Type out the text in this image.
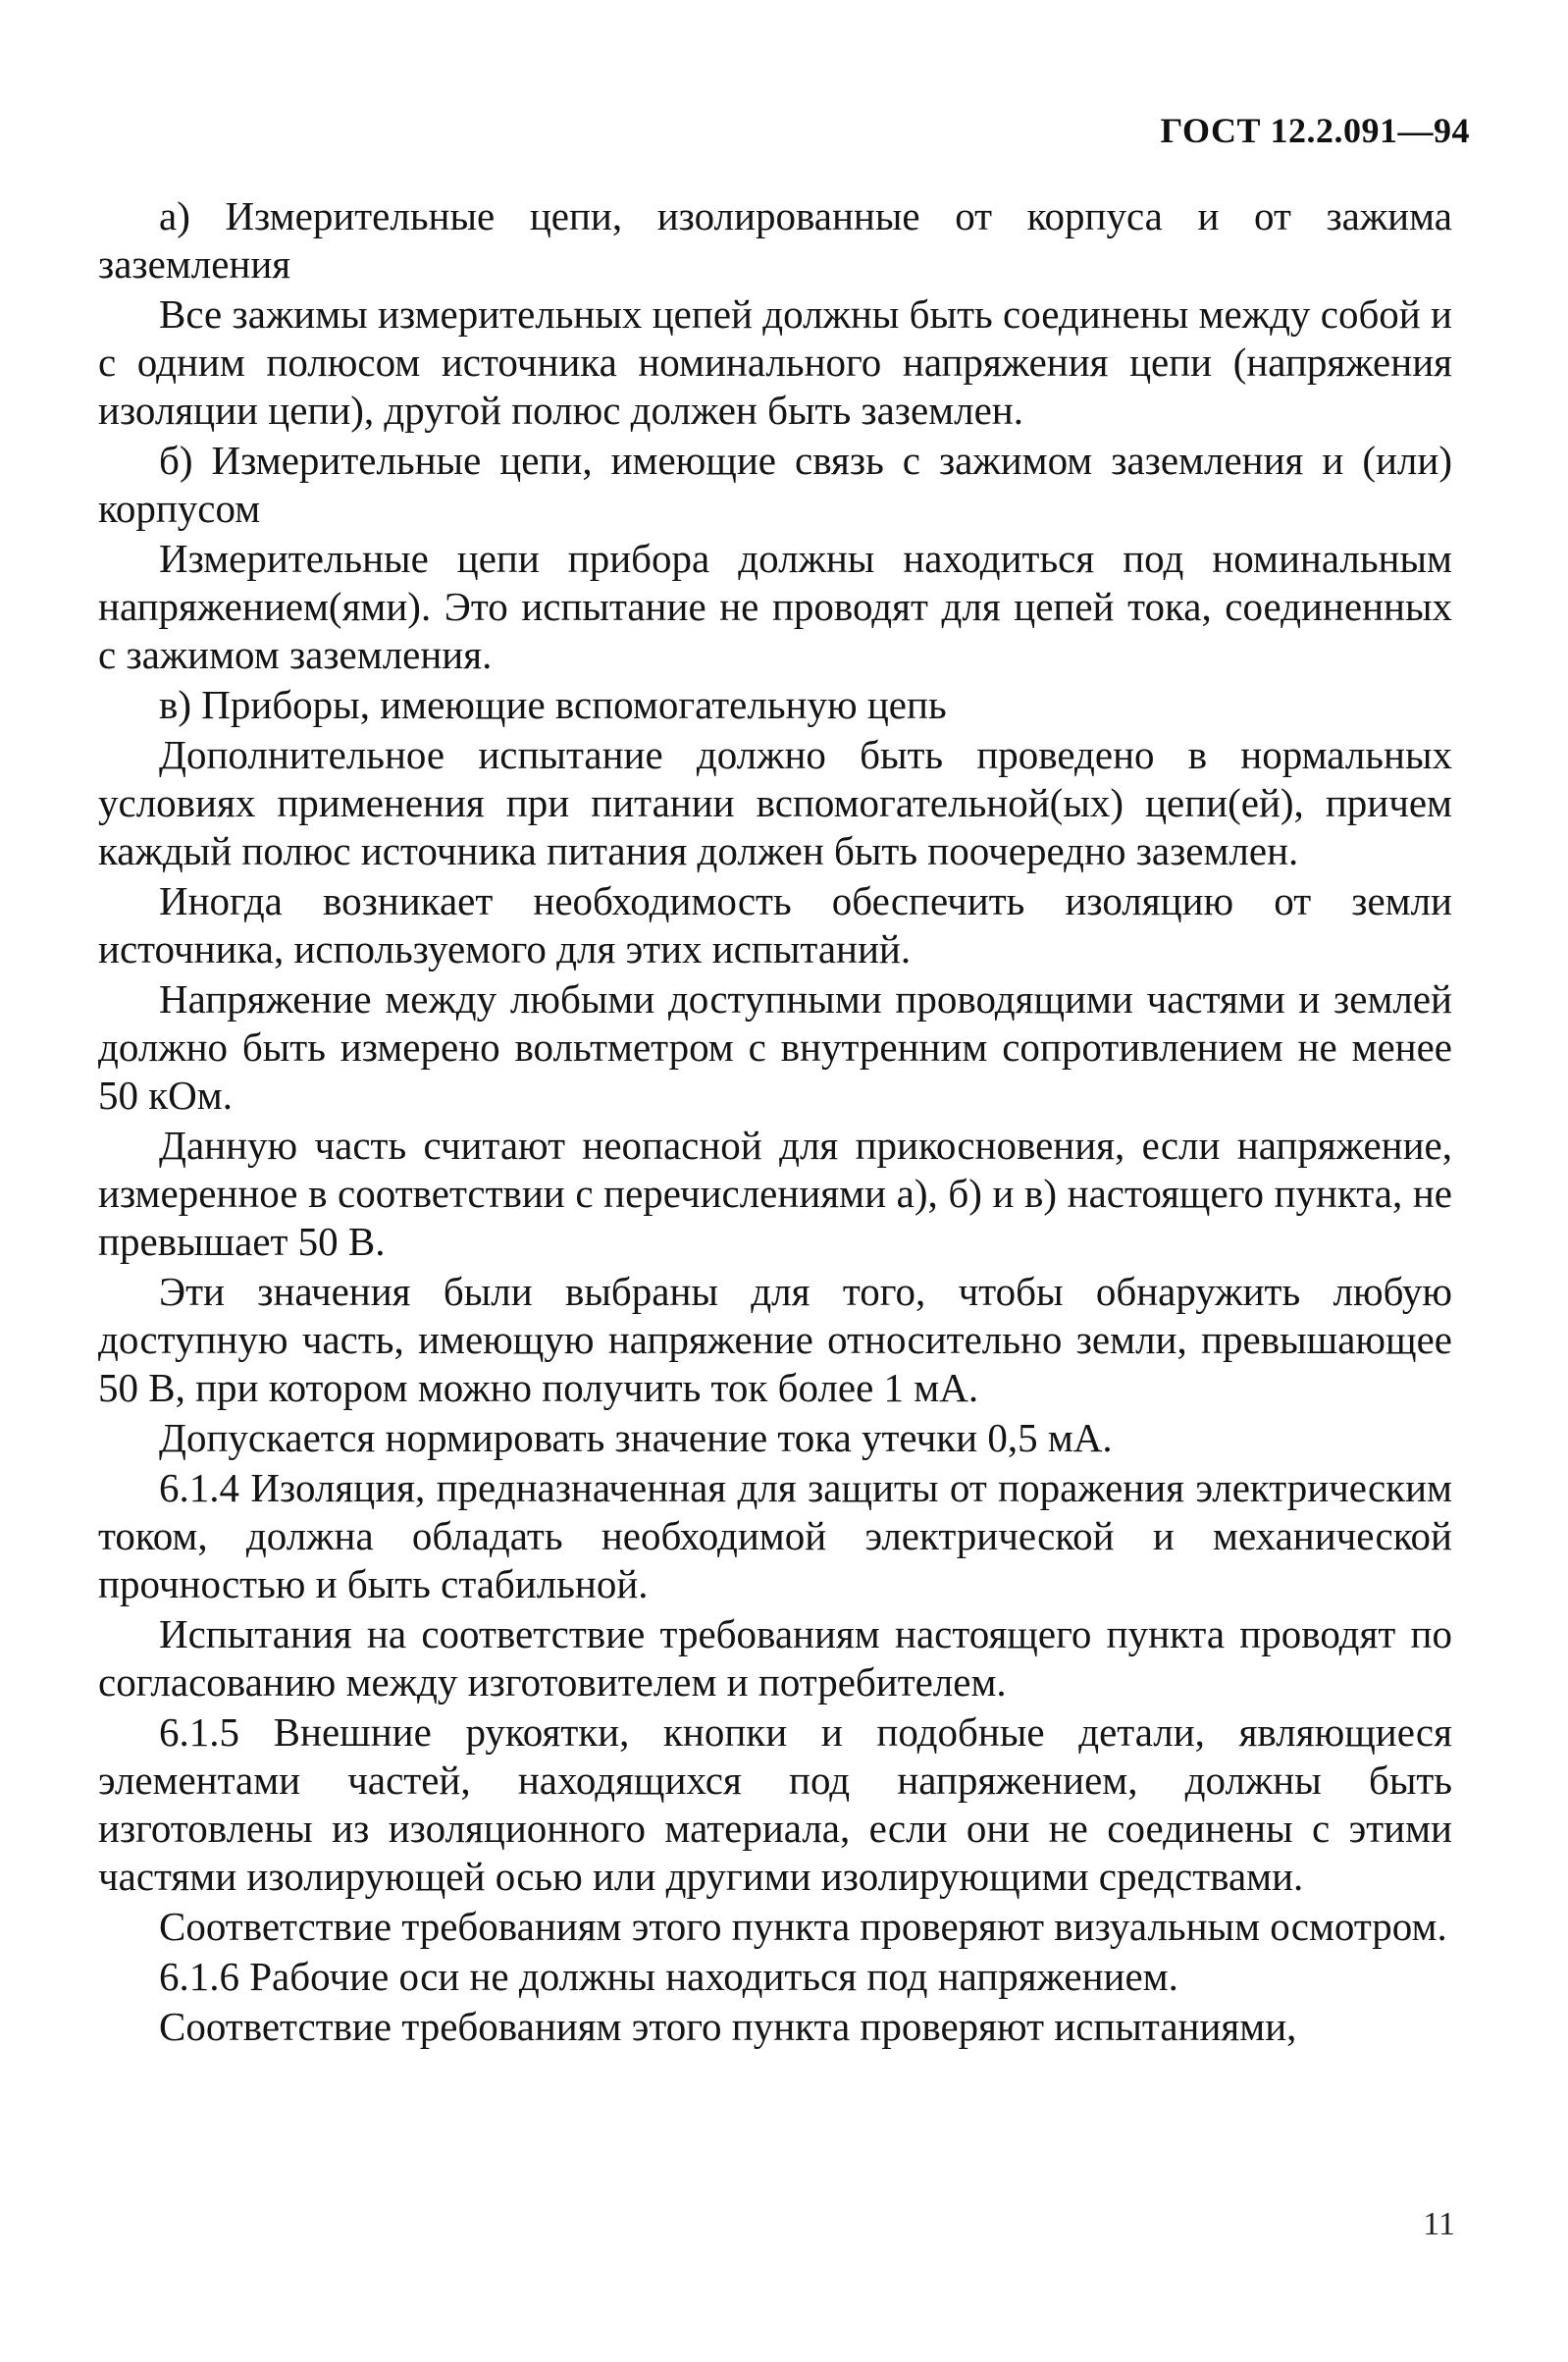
ГОСТ 12.2.091—94

а) Измерительные цепи, изолированные от корпуса и от зажима заземления

Все зажимы измерительных цепей должны быть соединены между собой и с одним полюсом источника номинального напряжения цепи (напряжения изоляции цепи), другой полюс должен быть заземлен.

б) Измерительные цепи, имеющие связь с зажимом заземления и (или) корпусом

Измерительные цепи прибора должны находиться под номинальным напряжением(ями). Это испытание не проводят для цепей тока, соединенных с зажимом заземления.

в) Приборы, имеющие вспомогательную цепь

Дополнительное испытание должно быть проведено в нормальных условиях применения при питании вспомогательной(ых) цепи(ей), причем каждый полюс источника питания должен быть поочередно заземлен.

Иногда возникает необходимость обеспечить изоляцию от земли источника, используемого для этих испытаний.

Напряжение между любыми доступными проводящими частями и землей должно быть измерено вольтметром с внутренним сопротивлением не менее 50 кОм.

Данную часть считают неопасной для прикосновения, если напряжение, измеренное в соответствии с перечислениями а), б) и в) настоящего пункта, не превышает 50 В.

Эти значения были выбраны для того, чтобы обнаружить любую доступную часть, имеющую напряжение относительно земли, превышающее 50 В, при котором можно получить ток более 1 мА.

Допускается нормировать значение тока утечки 0,5 мА.

6.1.4 Изоляция, предназначенная для защиты от поражения электрическим током, должна обладать необходимой электрической и механической прочностью и быть стабильной.

Испытания на соответствие требованиям настоящего пункта проводят по согласованию между изготовителем и потребителем.

6.1.5 Внешние рукоятки, кнопки и подобные детали, являющиеся элементами частей, находящихся под напряжением, должны быть изготовлены из изоляционного материала, если они не соединены с этими частями изолирующей осью или другими изолирующими средствами.

Соответствие требованиям этого пункта проверяют визуальным осмотром.

6.1.6 Рабочие оси не должны находиться под напряжением.

Соответствие требованиям этого пункта проверяют испытаниями,

11
